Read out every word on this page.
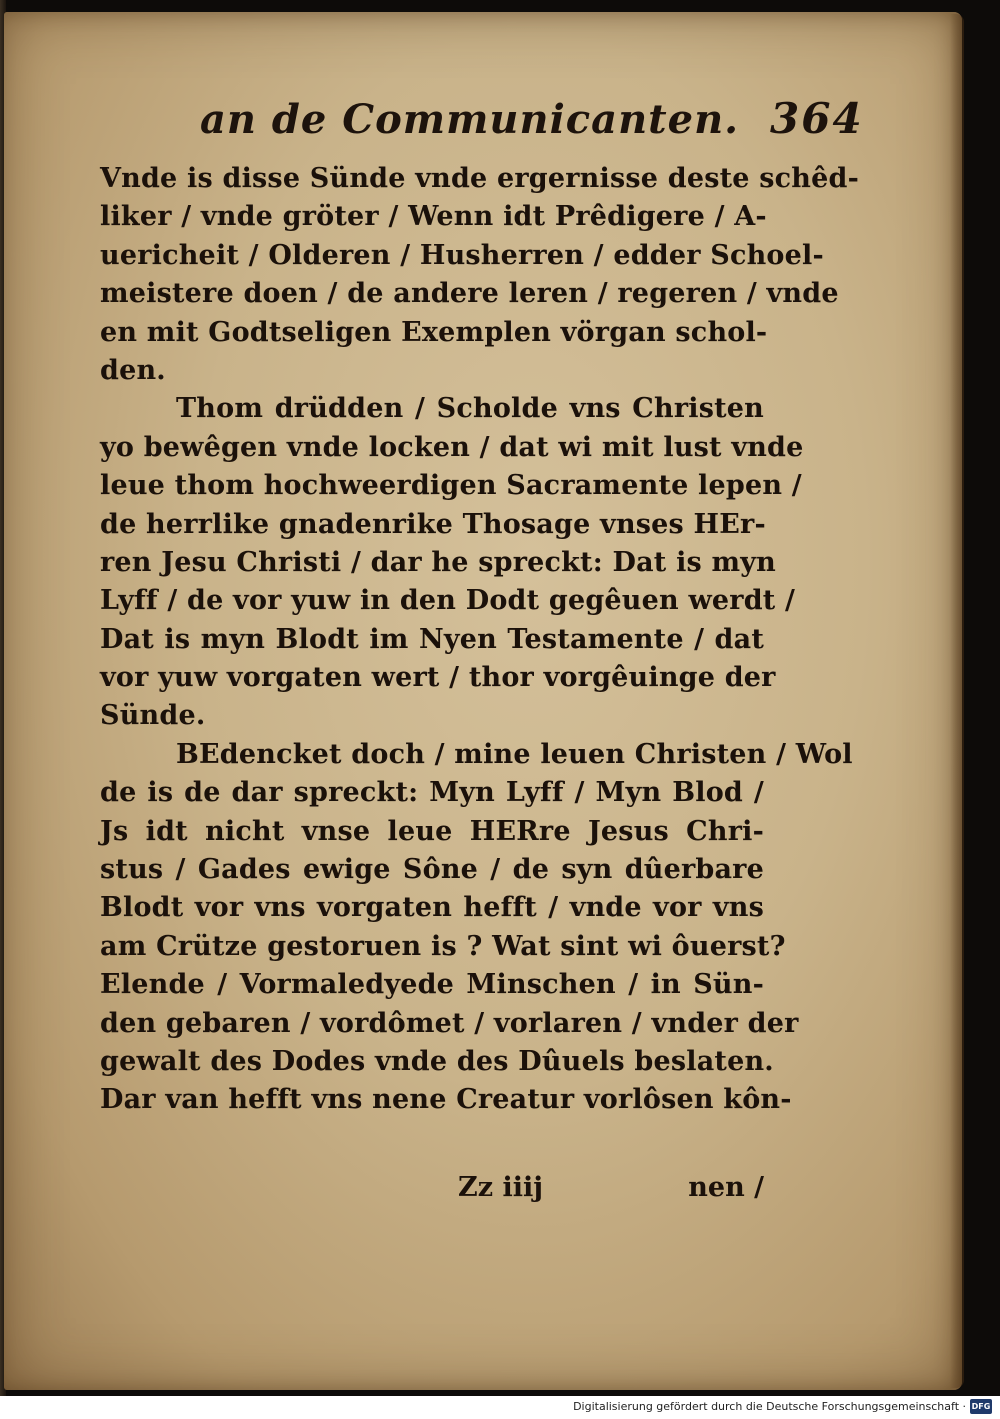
an de Communicanten. 364
Vnde is disse Sünde vnde ergernisse deste schêd-
liker / vnde gröter / Wenn idt Prêdigere / A-
uericheit / Olderen / Husherren / edder Schoel-
meistere doen / de andere leren / regeren / vnde
en mit Godtseligen Exemplen vörgan schol-
den.
Thom drüdden / Scholde vns Christen
yo bewêgen vnde locken / dat wi mit lust vnde
leue thom hochweerdigen Sacramente lepen /
de herrlike gnadenrike Thosage vnses HEr-
ren Jesu Christi / dar he spreckt: Dat is myn
Lyff / de vor yuw in den Dodt gegêuen werdt /
Dat is myn Blodt im Nyen Testamente / dat
vor yuw vorgaten wert / thor vorgêuinge der
Sünde.
BEdencket doch / mine leuen Christen / Wol
de is de dar spreckt: Myn Lyff / Myn Blod /
Js idt nicht vnse leue HERre Jesus Chri-
stus / Gades ewige Sône / de syn dûerbare
Blodt vor vns vorgaten hefft / vnde vor vns
am Crütze gestoruen is ? Wat sint wi ôuerst?
Elende / Vormaledyede Minschen / in Sün-
den gebaren / vordômet / vorlaren / vnder der
gewalt des Dodes vnde des Dûuels beslaten.
Dar van hefft vns nene Creatur vorlôsen kôn-
Zz iiij	nen /
Digitalisierung gefördert durch die Deutsche Forschungsgemeinschaft · DFG
